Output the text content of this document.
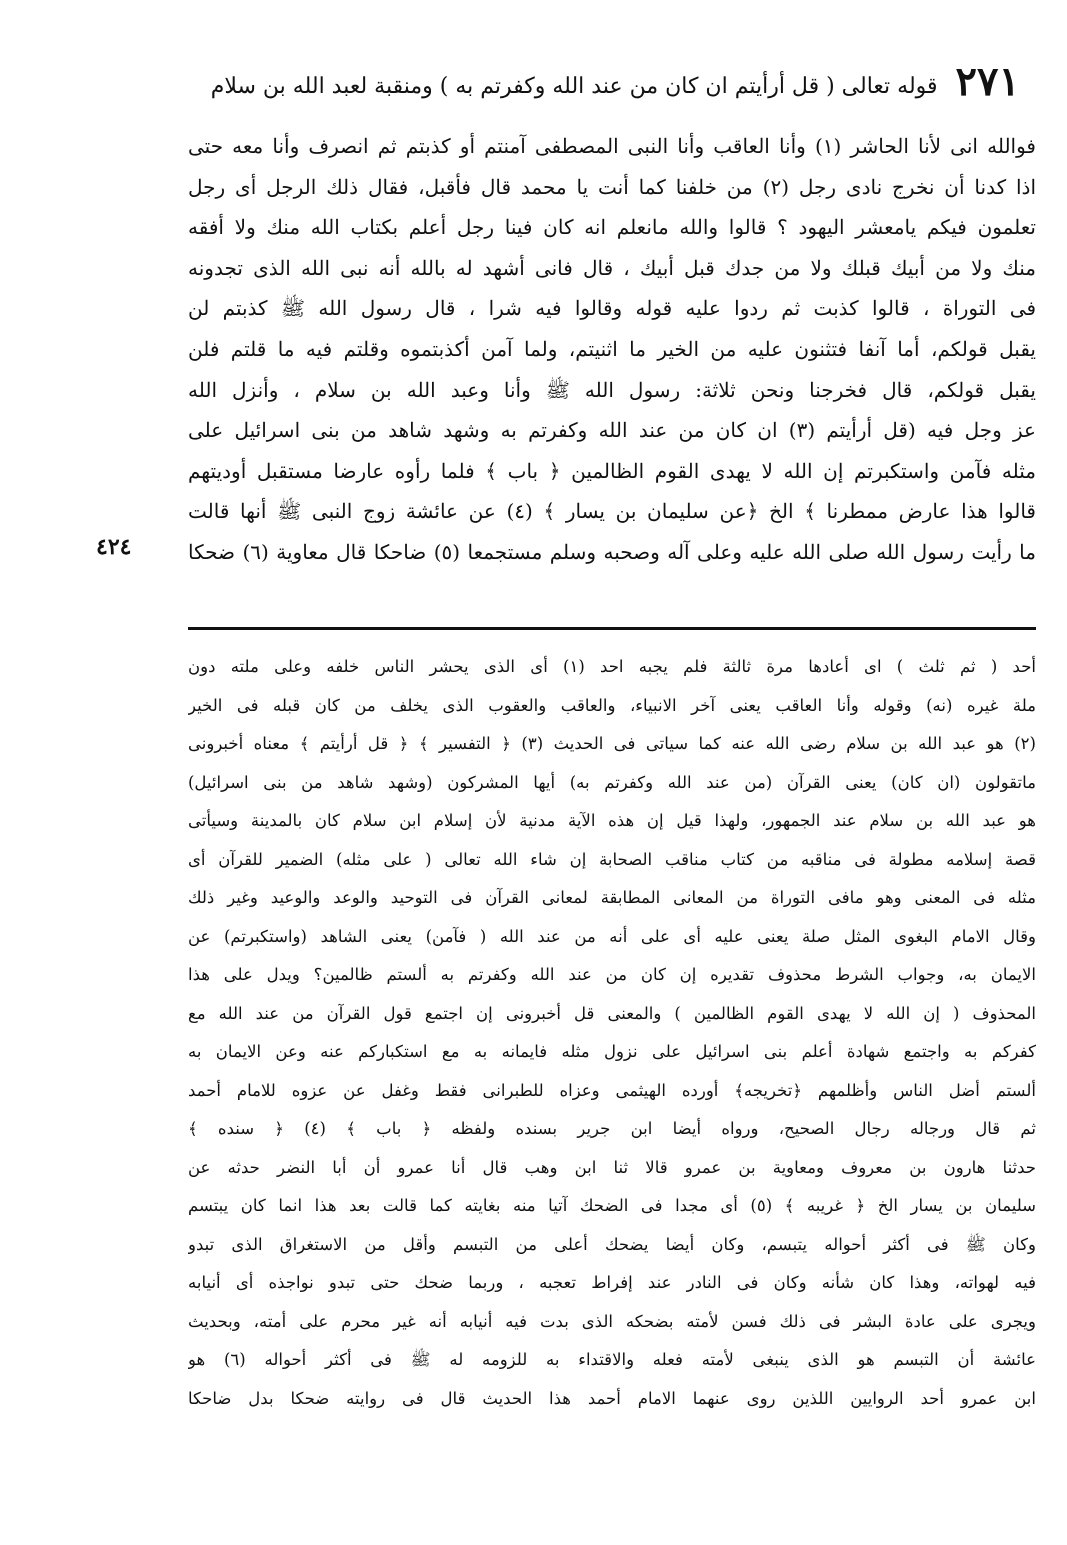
٢٧١
قوله تعالى ( قل أرأيتم ان كان من عند الله وكفرتم به ) ومنقبة لعبد الله بن سلام
فوالله انى لأنا الحاشر (١) وأنا العاقب وأنا النبى المصطفى آمنتم أو كذبتم ثم انصرف وأنا معه حتى
اذا كدنا أن نخرج نادى رجل (٢) من خلفنا كما أنت يا محمد قال فأقبل، فقال ذلك الرجل أى رجل
تعلمون فيكم يامعشر اليهود ؟ قالوا والله مانعلم انه كان فينا رجل أعلم بكتاب الله منك ولا أفقه
منك ولا من أبيك قبلك ولا من جدك قبل أبيك ، قال فانى أشهد له بالله أنه نبى الله الذى تجدونه
فى التوراة ، قالوا كذبت ثم ردوا عليه قوله وقالوا فيه شرا ، قال رسول الله ﷺ كذبتم لن
يقبل قولكم، أما آنفا فتثنون عليه من الخير ما اثنيتم، ولما آمن أكذبتموه وقلتم فيه ما قلتم فلن
يقبل قولكم، قال فخرجنا ونحن ثلاثة: رسول الله ﷺ وأنا وعبد الله بن سلام ، وأنزل الله
عز وجل فيه (قل أرأيتم (٣) ان كان من عند الله وكفرتم به وشهد شاهد من بنى اسرائيل على
مثله فآمن واستكبرتم إن الله لا يهدى القوم الظالمين ﴿ باب ﴾ فلما رأوه عارضا مستقبل أوديتهم
قالوا هذا عارض ممطرنا ﴾ الخ ﴿عن سليمان بن يسار ﴾ (٤) عن عائشة زوج النبى ﷺ أنها قالت
ما رأيت رسول الله صلى الله عليه وعلى آله وصحبه وسلم مستجمعا (٥) ضاحكا قال معاوية (٦) ضحكا
٤٢٤
أحد ( ثم ثلث ) اى أعادها مرة ثالثة فلم يجبه احد (١) أى الذى يحشر الناس خلفه وعلى ملته دون
ملة غيره (نه) وقوله وأنا العاقب يعنى آخر الانبياء، والعاقب والعقوب الذى يخلف من كان قبله فى الخير
(٢) هو عبد الله بن سلام رضى الله عنه كما سياتى فى الحديث (٣) ﴿ التفسير ﴾ ﴿ قل أرأيتم ﴾ معناه أخبرونى
ماتقولون (ان كان) يعنى القرآن (من عند الله وكفرتم به) أيها المشركون (وشهد شاهد من بنى اسرائيل)
هو عبد الله بن سلام عند الجمهور، ولهذا قيل إن هذه الآية مدنية لأن إسلام ابن سلام كان بالمدينة وسيأتى
قصة إسلامه مطولة فى مناقبه من كتاب مناقب الصحابة إن شاء الله تعالى ( على مثله) الضمير للقرآن أى
مثله فى المعنى وهو مافى التوراة من المعانى المطابقة لمعانى القرآن فى التوحيد والوعد والوعيد وغير ذلك
وقال الامام البغوى المثل صلة يعنى عليه أى على أنه من عند الله ( فآمن) يعنى الشاهد (واستكبرتم) عن
الايمان به، وجواب الشرط محذوف تقديره إن كان من عند الله وكفرتم به ألستم ظالمين؟ ويدل على هذا
المحذوف ( إن الله لا يهدى القوم الظالمين ) والمعنى قل أخبرونى إن اجتمع قول القرآن من عند الله مع
كفركم به واجتمع شهادة أعلم بنى اسرائيل على نزول مثله فايمانه به مع استكباركم عنه وعن الايمان به
ألستم أضل الناس وأظلمهم ﴿تخريجه﴾ أورده الهيثمى وعزاه للطبرانى فقط وغفل عن عزوه للامام أحمد
ثم قال ورجاله رجال الصحيح، ورواه أيضا ابن جرير بسنده ولفظه ﴿ باب ﴾ (٤) ﴿ سنده ﴾
حدثنا هارون بن معروف ومعاوية بن عمرو قالا ثنا ابن وهب قال أنا عمرو أن أبا النضر حدثه عن
سليمان بن يسار الخ ﴿ غريبه ﴾ (٥) أى مجدا فى الضحك آتيا منه بغايته كما قالت بعد هذا انما كان يبتسم
وكان ﷺ فى أكثر أحواله يتبسم، وكان أيضا يضحك أعلى من التبسم وأقل من الاستغراق الذى تبدو
فيه لهواته، وهذا كان شأنه وكان فى النادر عند إفراط تعجبه ، وربما ضحك حتى تبدو نواجذه أى أنيابه
ويجرى على عادة البشر فى ذلك فسن لأمته بضحكه الذى بدت فيه أنيابه أنه غير محرم على أمته، وبحديث
عائشة أن التبسم هو الذى ينبغى لأمته فعله والاقتداء به للزومه له ﷺ فى أكثر أحواله (٦) هو
ابن عمرو أحد الروايين اللذين روى عنهما الامام أحمد هذا الحديث قال فى روايته ضحكا بدل ضاحكا
